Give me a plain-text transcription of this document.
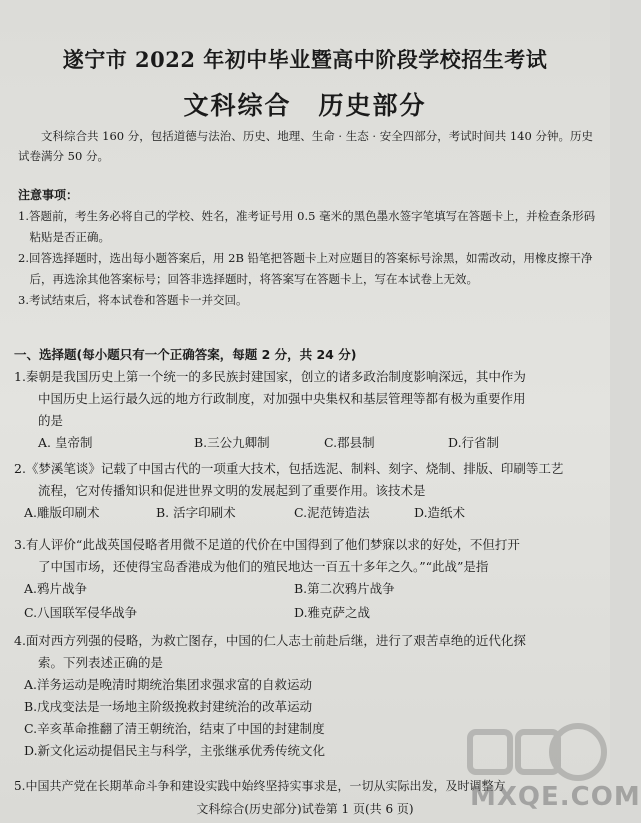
遂宁市 2022 年初中毕业暨高中阶段学校招生考试
文科综合　历史部分
文科综合共 160 分，包括道德与法治、历史、地理、生命 · 生态 · 安全四部分，考试时间共 140 分钟。历史试卷满分 50 分。
注意事项：

1.答题前，考生务必将自己的学校、姓名，准考证号用 0.5 毫米的黑色墨水签字笔填写在答题卡上，并检查条形码粘贴是否正确。

2.回答选择题时，选出每小题答案后，用 2B 铅笔把答题卡上对应题目的答案标号涂黑，如需改动，用橡皮擦干净后，再选涂其他答案标号；回答非选择题时，将答案写在答题卡上，写在本试卷上无效。

3.考试结束后，将本试卷和答题卡一并交回。

一、选择题(每小题只有一个正确答案，每题 2 分，共 24 分)

1.秦朝是我国历史上第一个统一的多民族封建国家，创立的诸多政治制度影响深远，其中作为

中国历史上运行最久远的地方行政制度，对加强中央集权和基层管理等都有极为重要作用

的是

A. 皇帝制	B.三公九卿制	C.郡县制	D.行省制

2.《梦溪笔谈》记载了中国古代的一项重大技术，包括选泥、制料、刻字、烧制、排版、印刷等工艺

流程，它对传播知识和促进世界文明的发展起到了重要作用。该技术是

A.雕版印刷术	B. 活字印刷术	C.泥范铸造法	D.造纸术

3.有人评价“此战英国侵略者用微不足道的代价在中国得到了他们梦寐以求的好处，不但打开

了中国市场，还使得宝岛香港成为他们的殖民地达一百五十多年之久。”“此战”是指

A.鸦片战争	B.第二次鸦片战争
C.八国联军侵华战争	D.雅克萨之战

4.面对西方列强的侵略，为救亡图存，中国的仁人志士前赴后继，进行了艰苦卓绝的近代化探

索。下列表述正确的是

A.洋务运动是晚清时期统治集团求强求富的自救运动

B.戊戌变法是一场地主阶级挽救封建统治的改革运动

C.辛亥革命推翻了清王朝统治，结束了中国的封建制度

D.新文化运动提倡民主与科学，主张继承优秀传统文化

5.中国共产党在长期革命斗争和建设实践中始终坚持实事求是，一切从实际出发，及时调整方

文科综合(历史部分)试卷第 1 页(共 6 页)	MXQE.COM
